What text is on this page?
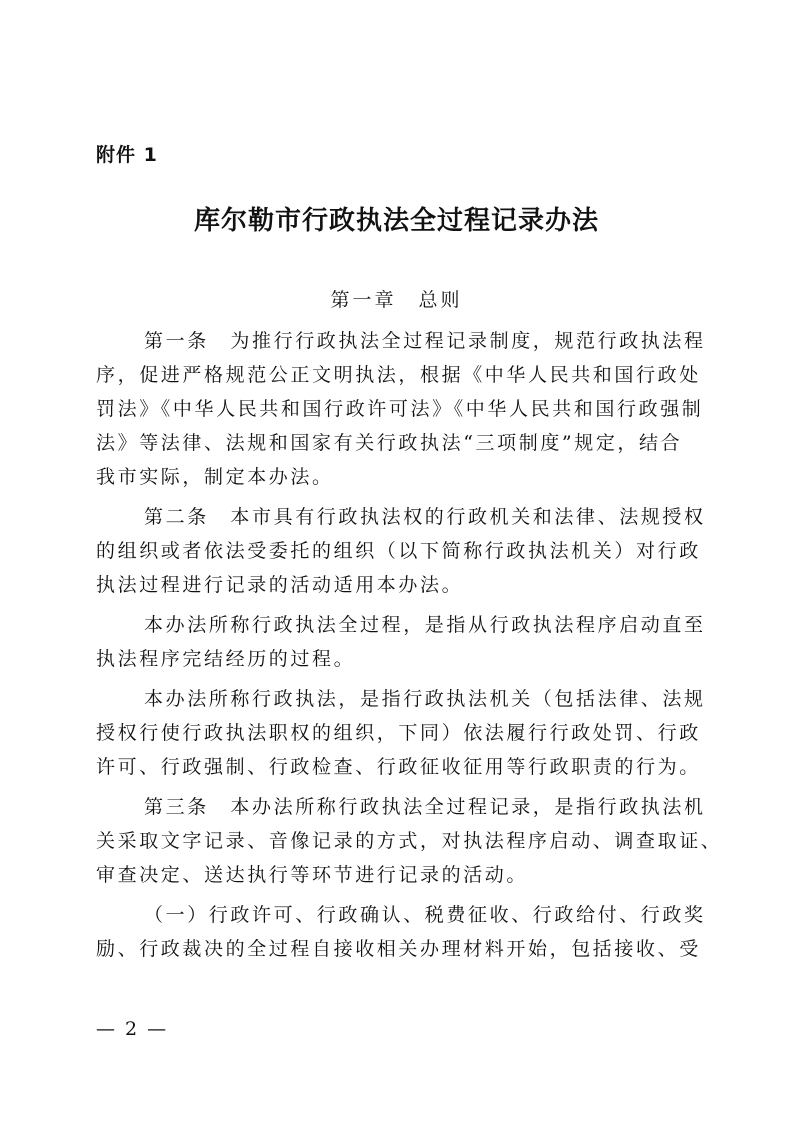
附件 1
库尔勒市行政执法全过程记录办法
第一章　总则
第一条　为推行行政执法全过程记录制度，规范行政执法程
序，促进严格规范公正文明执法，根据《中华人民共和国行政处
罚法》《中华人民共和国行政许可法》《中华人民共和国行政强制
法》等法律、法规和国家有关行政执法“三项制度”规定，结合
我市实际，制定本办法。
第二条　本市具有行政执法权的行政机关和法律、法规授权
的组织或者依法受委托的组织（以下简称行政执法机关）对行政
执法过程进行记录的活动适用本办法。
本办法所称行政执法全过程，是指从行政执法程序启动直至
执法程序完结经历的过程。
本办法所称行政执法，是指行政执法机关（包括法律、法规
授权行使行政执法职权的组织，下同）依法履行行政处罚、行政
许可、行政强制、行政检查、行政征收征用等行政职责的行为。
第三条　本办法所称行政执法全过程记录，是指行政执法机
关采取文字记录、音像记录的方式，对执法程序启动、调查取证、
审查决定、送达执行等环节进行记录的活动。
（一）行政许可、行政确认、税费征收、行政给付、行政奖
励、行政裁决的全过程自接收相关办理材料开始，包括接收、受
— 2 —
